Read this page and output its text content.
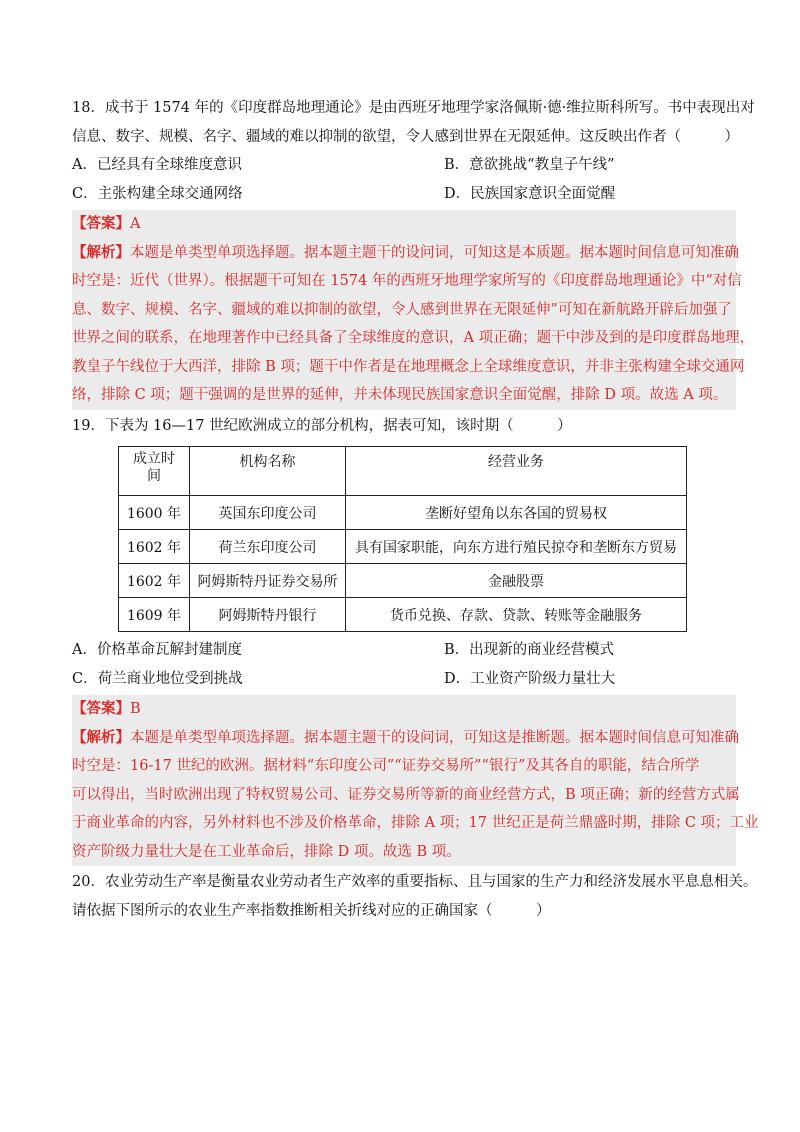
18．成书于 1574 年的《印度群岛地理通论》是由西班牙地理学家洛佩斯·德·维拉斯科所写。书中表现出对
信息、数字、规模、名字、疆域的难以抑制的欲望，令人感到世界在无限延伸。这反映出作者（　　　）
A．已经具有全球维度意识	B．意欲挑战“教皇子午线”
C．主张构建全球交通网络	D．民族国家意识全面觉醒
【答案】A
【解析】本题是单类型单项选择题。据本题主题干的设问词，可知这是本质题。据本题时间信息可知准确
时空是：近代（世界）。根据题干可知在 1574 年的西班牙地理学家所写的《印度群岛地理通论》中“对信
息、数字、规模、名字、疆域的难以抑制的欲望，令人感到世界在无限延伸”可知在新航路开辟后加强了
世界之间的联系，在地理著作中已经具备了全球维度的意识，A 项正确；题干中涉及到的是印度群岛地理，
教皇子午线位于大西洋，排除 B 项；题干中作者是在地理概念上全球维度意识，并非主张构建全球交通网
络，排除 C 项；题干强调的是世界的延伸，并未体现民族国家意识全面觉醒，排除 D 项。故选 A 项。
19．下表为 16—17 世纪欧洲成立的部分机构，据表可知，该时期（　　　）
成立时间	机构名称	经营业务
1600 年	英国东印度公司	垄断好望角以东各国的贸易权
1602 年	荷兰东印度公司	具有国家职能，向东方进行殖民掠夺和垄断东方贸易
1602 年	阿姆斯特丹证券交易所	金融股票
1609 年	阿姆斯特丹银行	货币兑换、存款、贷款、转账等金融服务
A．价格革命瓦解封建制度	B．出现新的商业经营模式
C．荷兰商业地位受到挑战	D．工业资产阶级力量壮大
【答案】B
【解析】本题是单类型单项选择题。据本题主题干的设问词，可知这是推断题。据本题时间信息可知准确
时空是：16-17 世纪的欧洲。据材料“东印度公司”“证券交易所”“银行”及其各自的职能，结合所学
可以得出，当时欧洲出现了特权贸易公司、证券交易所等新的商业经营方式，B 项正确；新的经营方式属
于商业革命的内容，另外材料也不涉及价格革命，排除 A 项；17 世纪正是荷兰鼎盛时期，排除 C 项；工业
资产阶级力量壮大是在工业革命后，排除 D 项。故选 B 项。
20．农业劳动生产率是衡量农业劳动者生产效率的重要指标、且与国家的生产力和经济发展水平息息相关。
请依据下图所示的农业生产率指数推断相关折线对应的正确国家（　　　）
